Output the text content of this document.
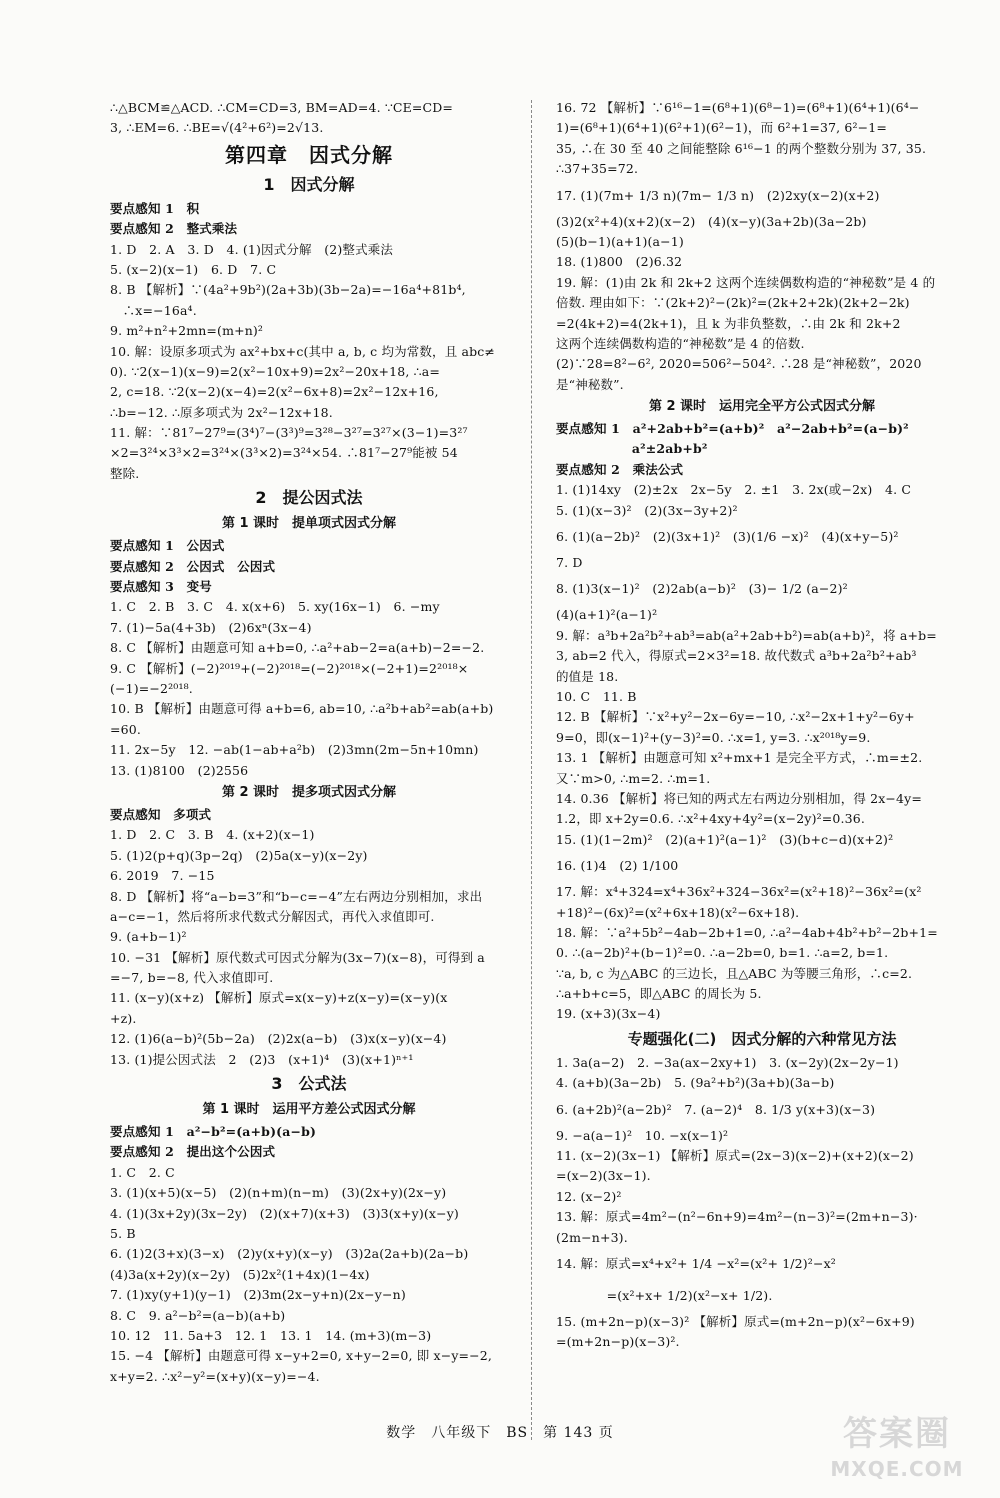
∴△BCM≌△ACD. ∴CM=CD=3, BM=AD=4. ∵CE=CD=
3, ∴EM=6. ∴BE=√(4²+6²)=2√13.
第四章　因式分解
1　因式分解
要点感知 1　积
要点感知 2　整式乘法
1. D　2. A　3. D　4. (1)因式分解　(2)整式乘法
5. (x−2)(x−1)　6. D　7. C
8. B 【解析】∵(4a²+9b²)(2a+3b)(3b−2a)=−16a⁴+81b⁴,
　∴x=−16a⁴.
9. m²+n²+2mn=(m+n)²
10. 解：设原多项式为 ax²+bx+c(其中 a, b, c 均为常数，且 abc≠
0). ∵2(x−1)(x−9)=2(x²−10x+9)=2x²−20x+18, ∴a=
2, c=18. ∵2(x−2)(x−4)=2(x²−6x+8)=2x²−12x+16,
∴b=−12. ∴原多项式为 2x²−12x+18.
11. 解：∵81⁷−27⁹=(3⁴)⁷−(3³)⁹=3²⁸−3²⁷=3²⁷×(3−1)=3²⁷
×2=3²⁴×3³×2=3²⁴×(3³×2)=3²⁴×54. ∴81⁷−27⁹能被 54
整除.
2　提公因式法
第 1 课时　提单项式因式分解
要点感知 1　公因式
要点感知 2　公因式　公因式
要点感知 3　变号
1. C　2. B　3. C　4. x(x+6)　5. xy(16x−1)　6. −my
7. (1)−5a(4+3b)　(2)6xⁿ(3x−4)
8. C 【解析】由题意可知 a+b=0, ∴a²+ab−2=a(a+b)−2=−2.
9. C 【解析】(−2)²⁰¹⁹+(−2)²⁰¹⁸=(−2)²⁰¹⁸×(−2+1)=2²⁰¹⁸×
(−1)=−2²⁰¹⁸.
10. B 【解析】由题意可得 a+b=6, ab=10, ∴a²b+ab²=ab(a+b)
=60.
11. 2x−5y　12. −ab(1−ab+a²b)　(2)3mn(2m−5n+10mn)
13. (1)8100　(2)2556
第 2 课时　提多项式因式分解
要点感知　多项式
1. D　2. C　3. B　4. (x+2)(x−1)
5. (1)2(p+q)(3p−2q)　(2)5a(x−y)(x−2y)
6. 2019　7. −15
8. D 【解析】将“a−b=3”和“b−c=−4”左右两边分别相加，求出
a−c=−1，然后将所求代数式分解因式，再代入求值即可.
9. (a+b−1)²
10. −31 【解析】原代数式可因式分解为(3x−7)(x−8)，可得到 a
=−7, b=−8, 代入求值即可.
11. (x−y)(x+z) 【解析】原式=x(x−y)+z(x−y)=(x−y)(x
+z).
12. (1)6(a−b)²(5b−2a)　(2)2x(a−b)　(3)x(x−y)(x−4)
13. (1)提公因式法　2　(2)3　(x+1)⁴　(3)(x+1)ⁿ⁺¹
3　公式法
第 1 课时　运用平方差公式因式分解
要点感知 1　a²−b²=(a+b)(a−b)
要点感知 2　提出这个公因式
1. C　2. C
3. (1)(x+5)(x−5)　(2)(n+m)(n−m)　(3)(2x+y)(2x−y)
4. (1)(3x+2y)(3x−2y)　(2)(x+7)(x+3)　(3)3(x+y)(x−y)
5. B
6. (1)2(3+x)(3−x)　(2)y(x+y)(x−y)　(3)2a(2a+b)(2a−b)
(4)3a(x+2y)(x−2y)　(5)2x²(1+4x)(1−4x)
7. (1)xy(y+1)(y−1)　(2)3m(2x−y+n)(2x−y−n)
8. C　9. a²−b²=(a−b)(a+b)
10. 12　11. 5a+3　12. 1　13. 1　14. (m+3)(m−3)
15. −4 【解析】由题意可得 x−y+2=0, x+y−2=0, 即 x−y=−2,
x+y=2. ∴x²−y²=(x+y)(x−y)=−4.
16. 72 【解析】∵6¹⁶−1=(6⁸+1)(6⁸−1)=(6⁸+1)(6⁴+1)(6⁴−
1)=(6⁸+1)(6⁴+1)(6²+1)(6²−1)，而 6²+1=37, 6²−1=
35, ∴在 30 至 40 之间能整除 6¹⁶−1 的两个整数分别为 37, 35.
∴37+35=72.
17. (1)(7m+ 1/3 n)(7m− 1/3 n)　(2)2xy(x−2)(x+2)
(3)2(x²+4)(x+2)(x−2)　(4)(x−y)(3a+2b)(3a−2b)
(5)(b−1)(a+1)(a−1)
18. (1)800　(2)6.32
19. 解：(1)由 2k 和 2k+2 这两个连续偶数构造的“神秘数”是 4 的
倍数. 理由如下：∵(2k+2)²−(2k)²=(2k+2+2k)(2k+2−2k)
=2(4k+2)=4(2k+1)，且 k 为非负整数，∴由 2k 和 2k+2
这两个连续偶数构造的“神秘数”是 4 的倍数.
(2)∵28=8²−6², 2020=506²−504². ∴28 是“神秘数”，2020
是“神秘数”.
第 2 课时　运用完全平方公式因式分解
要点感知 1　a²+2ab+b²=(a+b)²　a²−2ab+b²=(a−b)²
　　　　　　a²±2ab+b²
要点感知 2　乘法公式
1. (1)14xy　(2)±2x　2x−5y　2. ±1　3. 2x(或−2x)　4. C
5. (1)(x−3)²　(2)(3x−3y+2)²
6. (1)(a−2b)²　(2)(3x+1)²　(3)(1/6 −x)²　(4)(x+y−5)²
7. D
8. (1)3(x−1)²　(2)2ab(a−b)²　(3)− 1/2 (a−2)²
(4)(a+1)²(a−1)²
9. 解：a³b+2a²b²+ab³=ab(a²+2ab+b²)=ab(a+b)²，将 a+b=
3, ab=2 代入，得原式=2×3²=18. 故代数式 a³b+2a²b²+ab³
的值是 18.
10. C　11. B
12. B 【解析】∵x²+y²−2x−6y=−10, ∴x²−2x+1+y²−6y+
9=0，即(x−1)²+(y−3)²=0. ∴x=1, y=3. ∴x²⁰¹⁸y=9.
13. 1 【解析】由题意可知 x²+mx+1 是完全平方式，∴m=±2.
又∵m>0, ∴m=2. ∴m=1.
14. 0.36 【解析】将已知的两式左右两边分别相加，得 2x−4y=
1.2，即 x+2y=0.6. ∴x²+4xy+4y²=(x−2y)²=0.36.
15. (1)(1−2m)²　(2)(a+1)²(a−1)²　(3)(b+c−d)(x+2)²
16. (1)4　(2) 1/100
17. 解：x⁴+324=x⁴+36x²+324−36x²=(x²+18)²−36x²=(x²
+18)²−(6x)²=(x²+6x+18)(x²−6x+18).
18. 解：∵a²+5b²−4ab−2b+1=0, ∴a²−4ab+4b²+b²−2b+1=
0. ∴(a−2b)²+(b−1)²=0. ∴a−2b=0, b=1. ∴a=2, b=1.
∵a, b, c 为△ABC 的三边长，且△ABC 为等腰三角形，∴c=2.
∴a+b+c=5，即△ABC 的周长为 5.
19. (x+3)(3x−4)
专题强化(二)　因式分解的六种常见方法
1. 3a(a−2)　2. −3a(ax−2xy+1)　3. (x−2y)(2x−2y−1)
4. (a+b)(3a−2b)　5. (9a²+b²)(3a+b)(3a−b)
6. (a+2b)²(a−2b)²　7. (a−2)⁴　8. 1/3 y(x+3)(x−3)
9. −a(a−1)²　10. −x(x−1)²
11. (x−2)(3x−1) 【解析】原式=(2x−3)(x−2)+(x+2)(x−2)
=(x−2)(3x−1).
12. (x−2)²
13. 解：原式=4m²−(n²−6n+9)=4m²−(n−3)²=(2m+n−3)·
(2m−n+3).
14. 解：原式=x⁴+x²+ 1/4 −x²=(x²+ 1/2)²−x²
　　　　=(x²+x+ 1/2)(x²−x+ 1/2).
15. (m+2n−p)(x−3)² 【解析】原式=(m+2n−p)(x²−6x+9)
=(m+2n−p)(x−3)².
数学　八年级下　BS　第 143 页	答案圈
MXQE.COM
